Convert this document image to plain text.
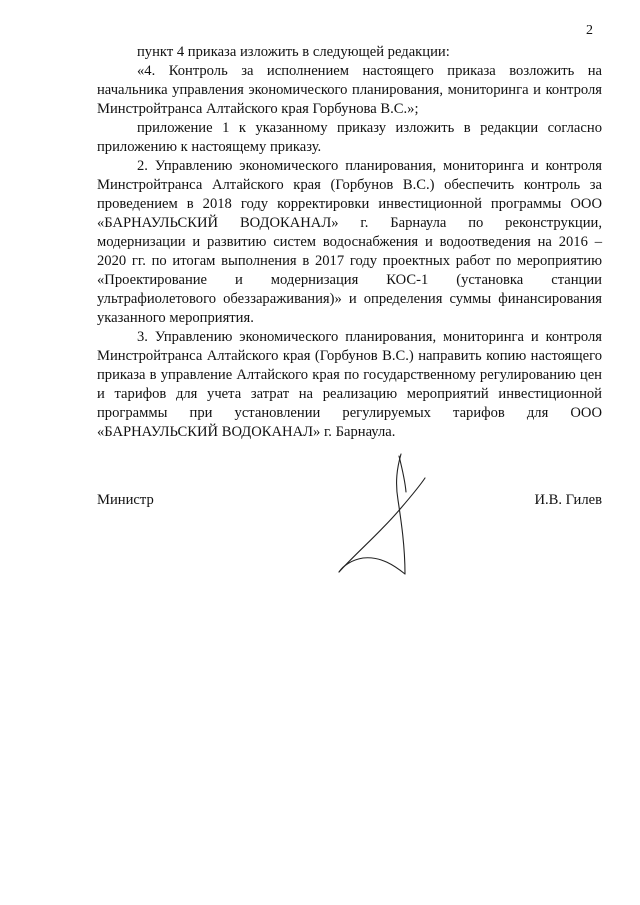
2

пункт 4 приказа изложить в следующей редакции:

«4. Контроль за исполнением настоящего приказа возложить на начальника управления экономического планирования, мониторинга и контроля Минстройтранса Алтайского края Горбунова В.С.»;

приложение 1 к указанному приказу изложить в редакции согласно приложению к настоящему приказу.

2. Управлению экономического планирования, мониторинга и контроля Минстройтранса Алтайского края (Горбунов В.С.) обеспечить контроль за проведением в 2018 году корректировки инвестиционной программы ООО «БАРНАУЛЬСКИЙ ВОДОКАНАЛ» г. Барнаула по реконструкции, модернизации и развитию систем водоснабжения и водоотведения на 2016 – 2020 гг. по итогам выполнения в 2017 году проектных работ по мероприятию «Проектирование и модернизация КОС-1 (установка станции ультрафиолетового обеззараживания)» и определения суммы финансирования указанного мероприятия.

3. Управлению экономического планирования, мониторинга и контроля Минстройтранса Алтайского края (Горбунов В.С.) направить копию настоящего приказа в управление Алтайского края по государственному регулированию цен и тарифов для учета затрат на реализацию мероприятий инвестиционной программы при установлении регулируемых тарифов для ООО «БАРНАУЛЬСКИЙ ВОДОКАНАЛ» г. Барнаула.

Министр	И.В. Гилев
